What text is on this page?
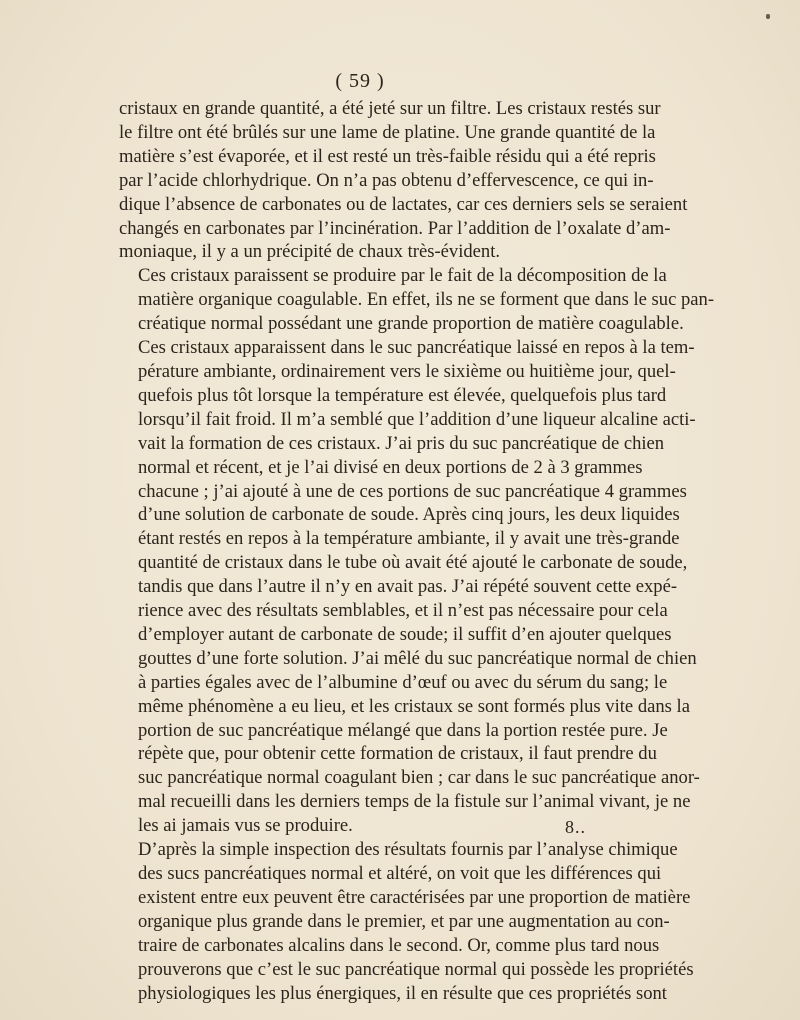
( 59 )

cristaux en grande quantité, a été jeté sur un filtre. Les cristaux restés sur
le filtre ont été brûlés sur une lame de platine. Une grande quantité de la
matière s’est évaporée, et il est resté un très-faible résidu qui a été repris
par l’acide chlorhydrique. On n’a pas obtenu d’effervescence, ce qui in-
dique l’absence de carbonates ou de lactates, car ces derniers sels se seraient
changés en carbonates par l’incinération. Par l’addition de l’oxalate d’am-
moniaque, il y a un précipité de chaux très-évident.

Ces cristaux paraissent se produire par le fait de la décomposition de la
matière organique coagulable. En effet, ils ne se forment que dans le suc pan-
créatique normal possédant une grande proportion de matière coagulable.
Ces cristaux apparaissent dans le suc pancréatique laissé en repos à la tem-
pérature ambiante, ordinairement vers le sixième ou huitième jour, quel-
quefois plus tôt lorsque la température est élevée, quelquefois plus tard
lorsqu’il fait froid. Il m’a semblé que l’addition d’une liqueur alcaline acti-
vait la formation de ces cristaux. J’ai pris du suc pancréatique de chien
normal et récent, et je l’ai divisé en deux portions de 2 à 3 grammes
chacune ; j’ai ajouté à une de ces portions de suc pancréatique 4 grammes
d’une solution de carbonate de soude. Après cinq jours, les deux liquides
étant restés en repos à la température ambiante, il y avait une très-grande
quantité de cristaux dans le tube où avait été ajouté le carbonate de soude,
tandis que dans l’autre il n’y en avait pas. J’ai répété souvent cette expé-
rience avec des résultats semblables, et il n’est pas nécessaire pour cela
d’employer autant de carbonate de soude; il suffit d’en ajouter quelques
gouttes d’une forte solution. J’ai mêlé du suc pancréatique normal de chien
à parties égales avec de l’albumine d’œuf ou avec du sérum du sang; le
même phénomène a eu lieu, et les cristaux se sont formés plus vite dans la
portion de suc pancréatique mélangé que dans la portion restée pure. Je
répète que, pour obtenir cette formation de cristaux, il faut prendre du
suc pancréatique normal coagulant bien ; car dans le suc pancréatique anor-
mal recueilli dans les derniers temps de la fistule sur l’animal vivant, je ne
les ai jamais vus se produire.

D’après la simple inspection des résultats fournis par l’analyse chimique
des sucs pancréatiques normal et altéré, on voit que les différences qui
existent entre eux peuvent être caractérisées par une proportion de matière
organique plus grande dans le premier, et par une augmentation au con-
traire de carbonates alcalins dans le second. Or, comme plus tard nous
prouverons que c’est le suc pancréatique normal qui possède les propriétés
physiologiques les plus énergiques, il en résulte que ces propriétés sont

8..
